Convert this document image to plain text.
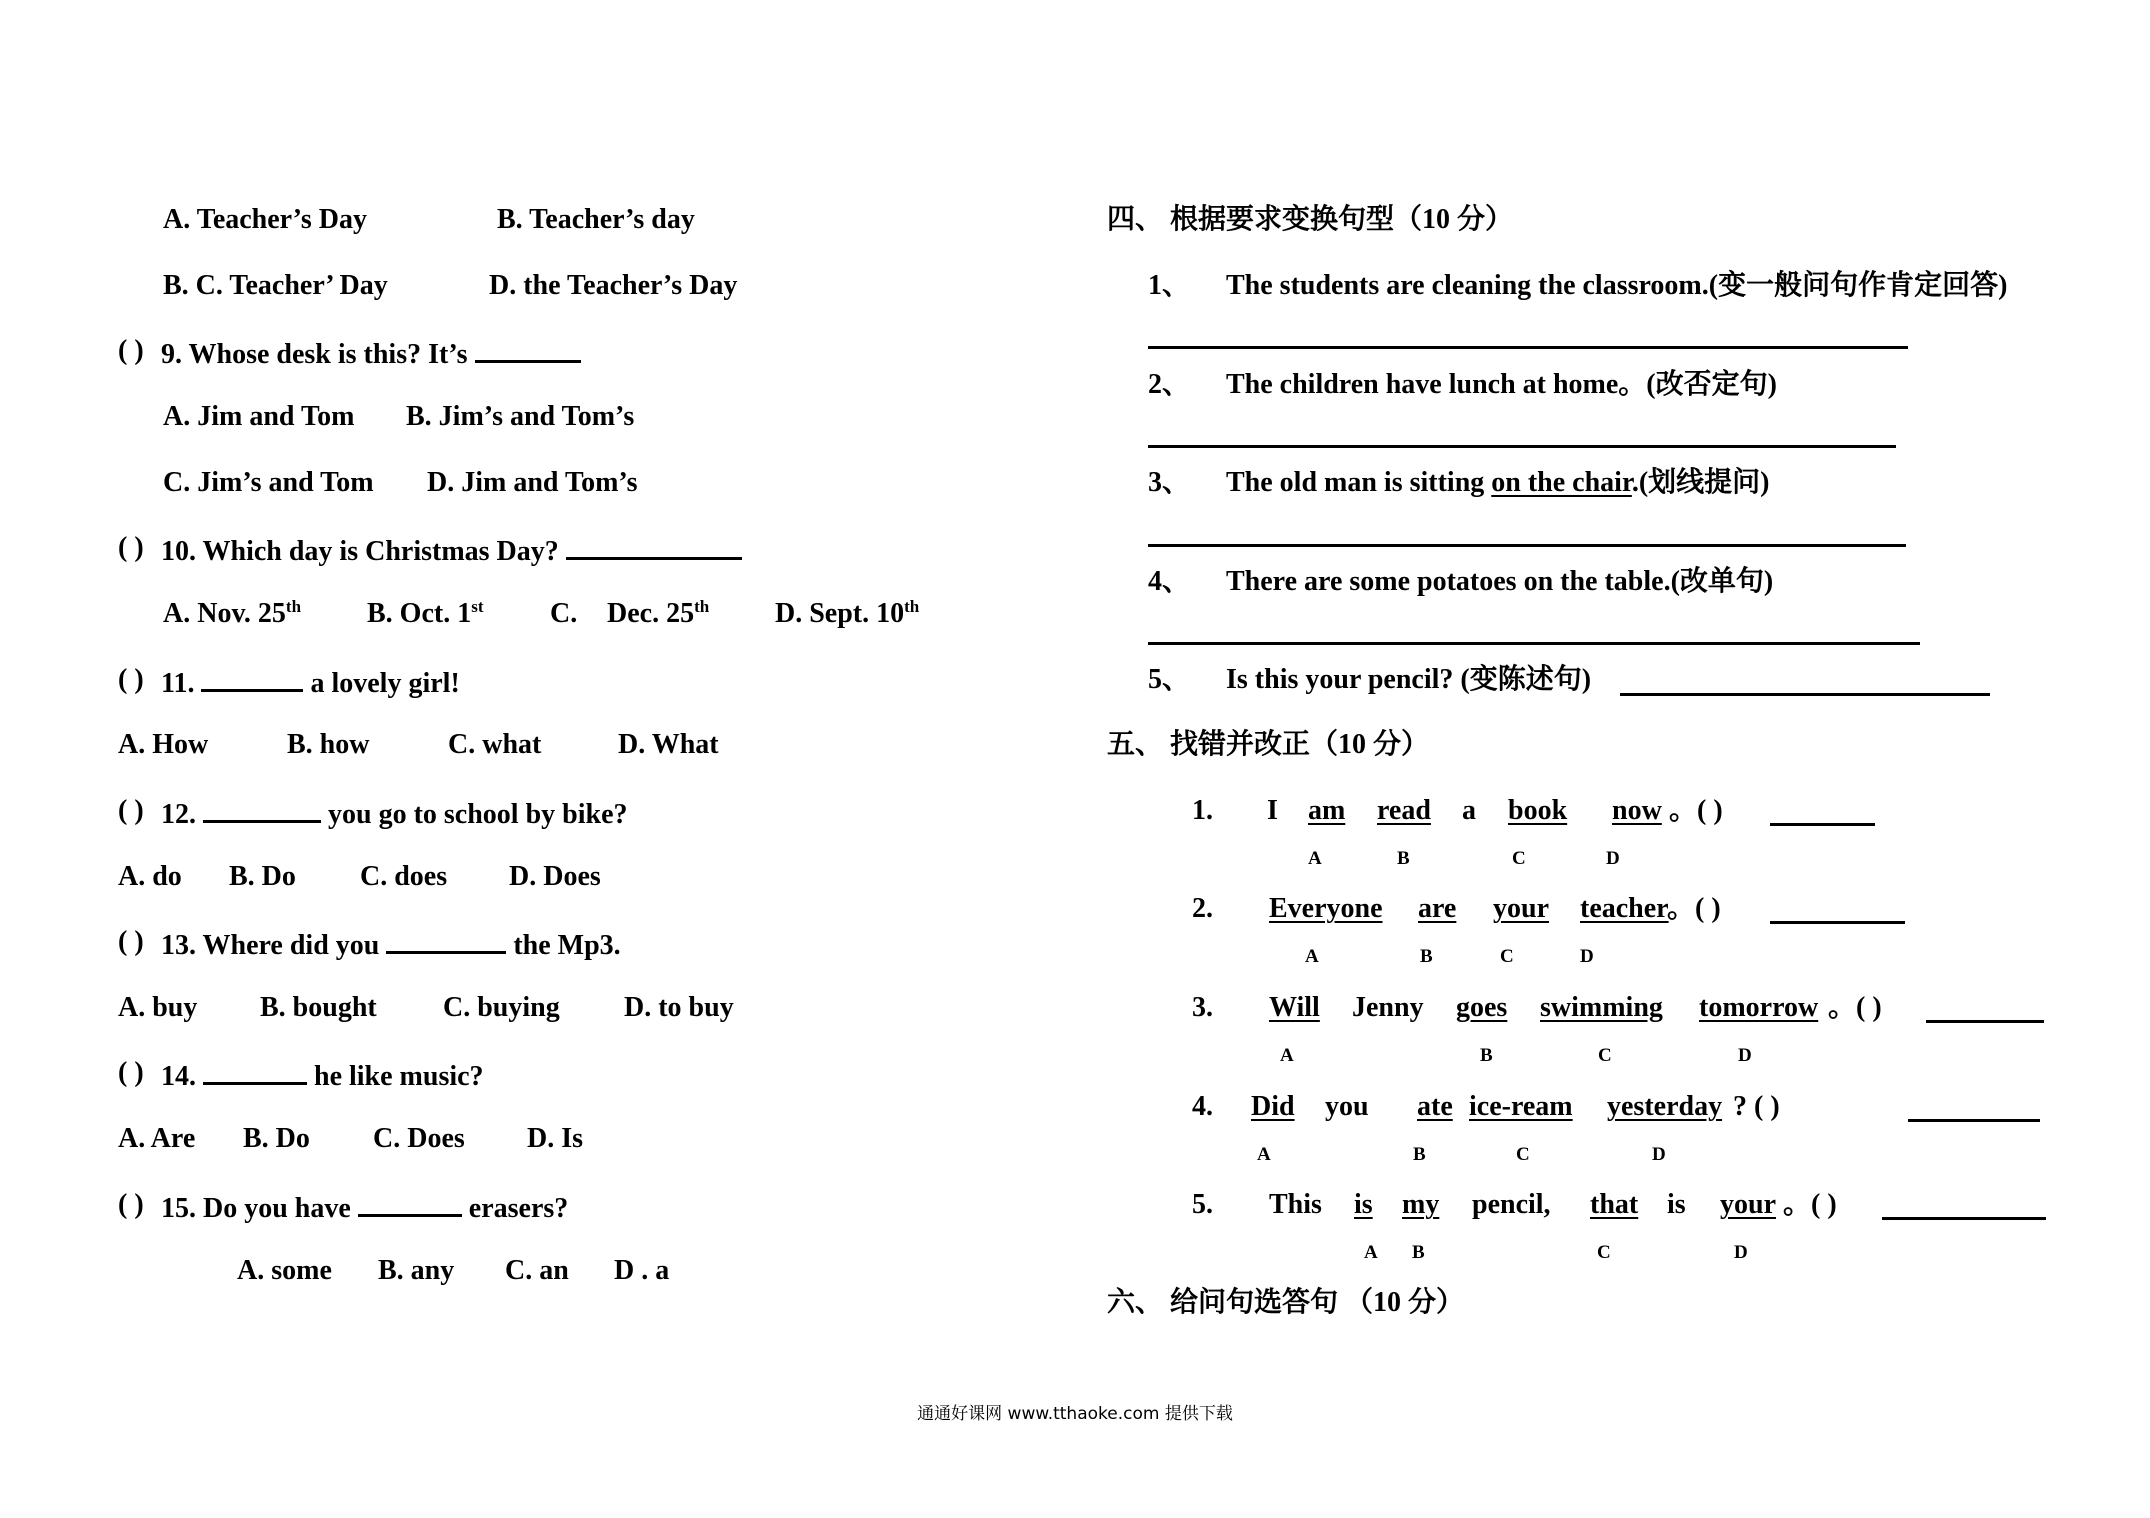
A. Teacher’s Day	B. Teacher’s day
B. C. Teacher’ Day	D. the Teacher’s Day
( ) 9. Whose desk is this? It’s
A. Jim and Tom B. Jim’s and Tom’s
C. Jim’s and Tom D. Jim and Tom’s
( ) 10. Which day is Christmas Day?
A. Nov. 25th B. Oct. 1st C. Dec. 25th D. Sept. 10th
( ) 11.	a lovely girl!
A. How	B. how	C. what	D. What
( ) 12.	you go to school by bike?
A. do B. Do C. does D. Does
( ) 13. Where did you	the Mp3.
A. buy B. bought C. buying D. to buy
( ) 14.	he like music?
A. Are B. Do C. Does D. Is
( ) 15. Do you have	erasers?
A. some B. any C. an D . a
四、 根据要求变换句型（10 分）
1、 The students are cleaning the classroom.(变一般问句作肯定回答)
2、 The children have lunch at home。(改否定句)
3、 The old man is sitting on the chair.(划线提问)
4、 There are some potatoes on the table.(改单句)
5、 Is this your pencil? (变陈述句)
五、 找错并改正（10 分）
1. I am read a book now 。( )
A	B	C	D
2. Everyone are your teacher
。( )
A	B	C	D
3. Will Jenny goes swimming tomorrow 。( )
A	B	C	D
4. Did you ate ice-ream yesterday ? ( )
A	B	C	D
5. This is my pencil, that is your 。( )
A B	C	D
六、 给问句选答句 （10 分）
通通好课网 www.tthaoke.com 提供下载
